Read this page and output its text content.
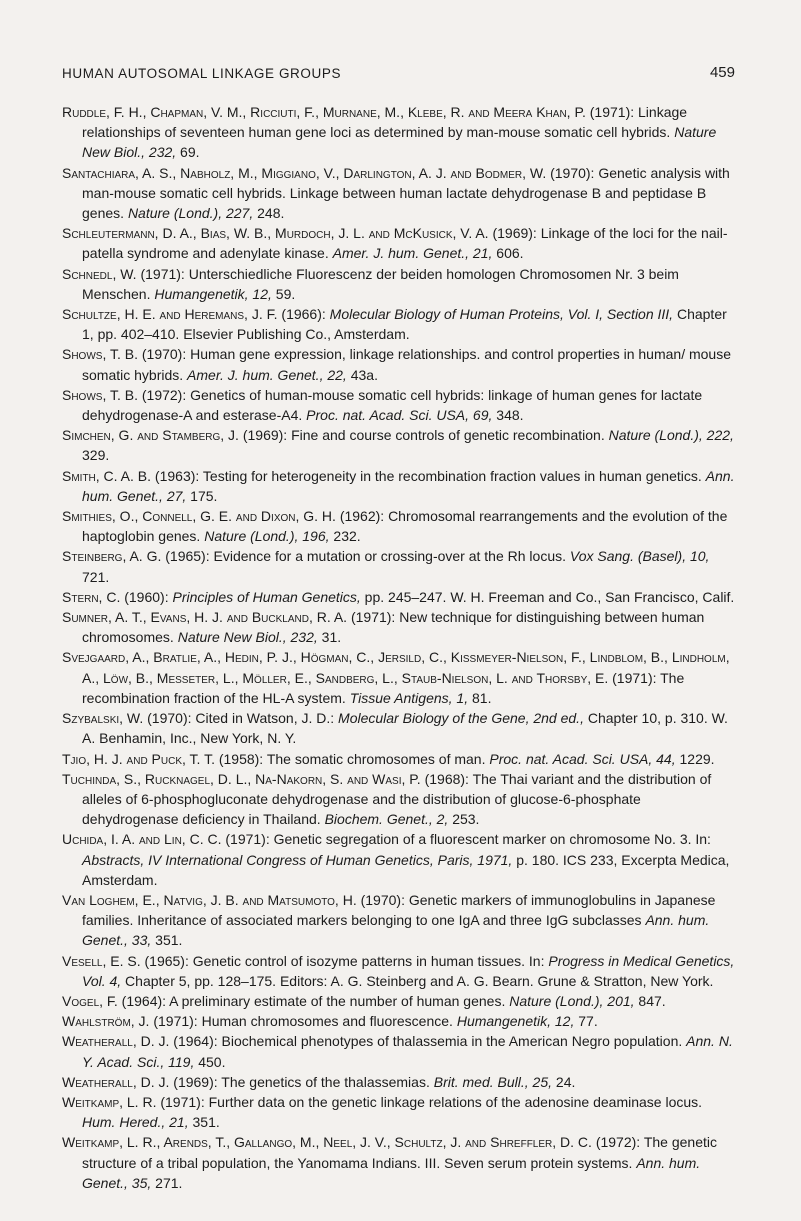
HUMAN AUTOSOMAL LINKAGE GROUPS	459

Ruddle, F. H., Chapman, V. M., Ricciuti, F., Murnane, M., Klebe, R. and Meera Khan, P. (1971): Linkage relationships of seventeen human gene loci as determined by man-mouse somatic cell hybrids. Nature New Biol., 232, 69.

Santachiara, A. S., Nabholz, M., Miggiano, V., Darlington, A. J. and Bodmer, W. (1970): Genetic analysis with man-mouse somatic cell hybrids. Linkage between human lactate dehydrogenase B and peptidase B genes. Nature (Lond.), 227, 248.

Schleutermann, D. A., Bias, W. B., Murdoch, J. L. and McKusick, V. A. (1969): Linkage of the loci for the nail-patella syndrome and adenylate kinase. Amer. J. hum. Genet., 21, 606.

Schnedl, W. (1971): Unterschiedliche Fluorescenz der beiden homologen Chromosomen Nr. 3 beim Menschen. Humangenetik, 12, 59.

Schultze, H. E. and Heremans, J. F. (1966): Molecular Biology of Human Proteins, Vol. I, Section III, Chapter 1, pp. 402–410. Elsevier Publishing Co., Amsterdam.

Shows, T. B. (1970): Human gene expression, linkage relationships. and control properties in human/ mouse somatic hybrids. Amer. J. hum. Genet., 22, 43a.

Shows, T. B. (1972): Genetics of human-mouse somatic cell hybrids: linkage of human genes for lactate dehydrogenase-A and esterase-A4. Proc. nat. Acad. Sci. USA, 69, 348.

Simchen, G. and Stamberg, J. (1969): Fine and course controls of genetic recombination. Nature (Lond.), 222, 329.

Smith, C. A. B. (1963): Testing for heterogeneity in the recombination fraction values in human genetics. Ann. hum. Genet., 27, 175.

Smithies, O., Connell, G. E. and Dixon, G. H. (1962): Chromosomal rearrangements and the evolution of the haptoglobin genes. Nature (Lond.), 196, 232.

Steinberg, A. G. (1965): Evidence for a mutation or crossing-over at the Rh locus. Vox Sang. (Basel), 10, 721.

Stern, C. (1960): Principles of Human Genetics, pp. 245–247. W. H. Freeman and Co., San Francisco, Calif.

Sumner, A. T., Evans, H. J. and Buckland, R. A. (1971): New technique for distinguishing between human chromosomes. Nature New Biol., 232, 31.

Svejgaard, A., Bratlie, A., Hedin, P. J., Högman, C., Jersild, C., Kissmeyer-Nielson, F., Lindblom, B., Lindholm, A., Löw, B., Messeter, L., Möller, E., Sandberg, L., Staub-Nielson, L. and Thorsby, E. (1971): The recombination fraction of the HL-A system. Tissue Antigens, 1, 81.

Szybalski, W. (1970): Cited in Watson, J. D.: Molecular Biology of the Gene, 2nd ed., Chapter 10, p. 310. W. A. Benhamin, Inc., New York, N. Y.

Tjio, H. J. and Puck, T. T. (1958): The somatic chromosomes of man. Proc. nat. Acad. Sci. USA, 44, 1229.

Tuchinda, S., Rucknagel, D. L., Na-Nakorn, S. and Wasi, P. (1968): The Thai variant and the distribution of alleles of 6-phosphogluconate dehydrogenase and the distribution of glucose-6-phosphate dehydrogenase deficiency in Thailand. Biochem. Genet., 2, 253.

Uchida, I. A. and Lin, C. C. (1971): Genetic segregation of a fluorescent marker on chromosome No. 3. In: Abstracts, IV International Congress of Human Genetics, Paris, 1971, p. 180. ICS 233, Excerpta Medica, Amsterdam.

Van Loghem, E., Natvig, J. B. and Matsumoto, H. (1970): Genetic markers of immunoglobulins in Japanese families. Inheritance of associated markers belonging to one IgA and three IgG subclasses Ann. hum. Genet., 33, 351.

Vesell, E. S. (1965): Genetic control of isozyme patterns in human tissues. In: Progress in Medical Genetics, Vol. 4, Chapter 5, pp. 128–175. Editors: A. G. Steinberg and A. G. Bearn. Grune & Stratton, New York.

Vogel, F. (1964): A preliminary estimate of the number of human genes. Nature (Lond.), 201, 847.

Wahlström, J. (1971): Human chromosomes and fluorescence. Humangenetik, 12, 77.

Weatherall, D. J. (1964): Biochemical phenotypes of thalassemia in the American Negro population. Ann. N. Y. Acad. Sci., 119, 450.

Weatherall, D. J. (1969): The genetics of the thalassemias. Brit. med. Bull., 25, 24.

Weitkamp, L. R. (1971): Further data on the genetic linkage relations of the adenosine deaminase locus. Hum. Hered., 21, 351.

Weitkamp, L. R., Arends, T., Gallango, M., Neel, J. V., Schultz, J. and Shreffler, D. C. (1972): The genetic structure of a tribal population, the Yanomama Indians. III. Seven serum protein systems. Ann. hum. Genet., 35, 271.
